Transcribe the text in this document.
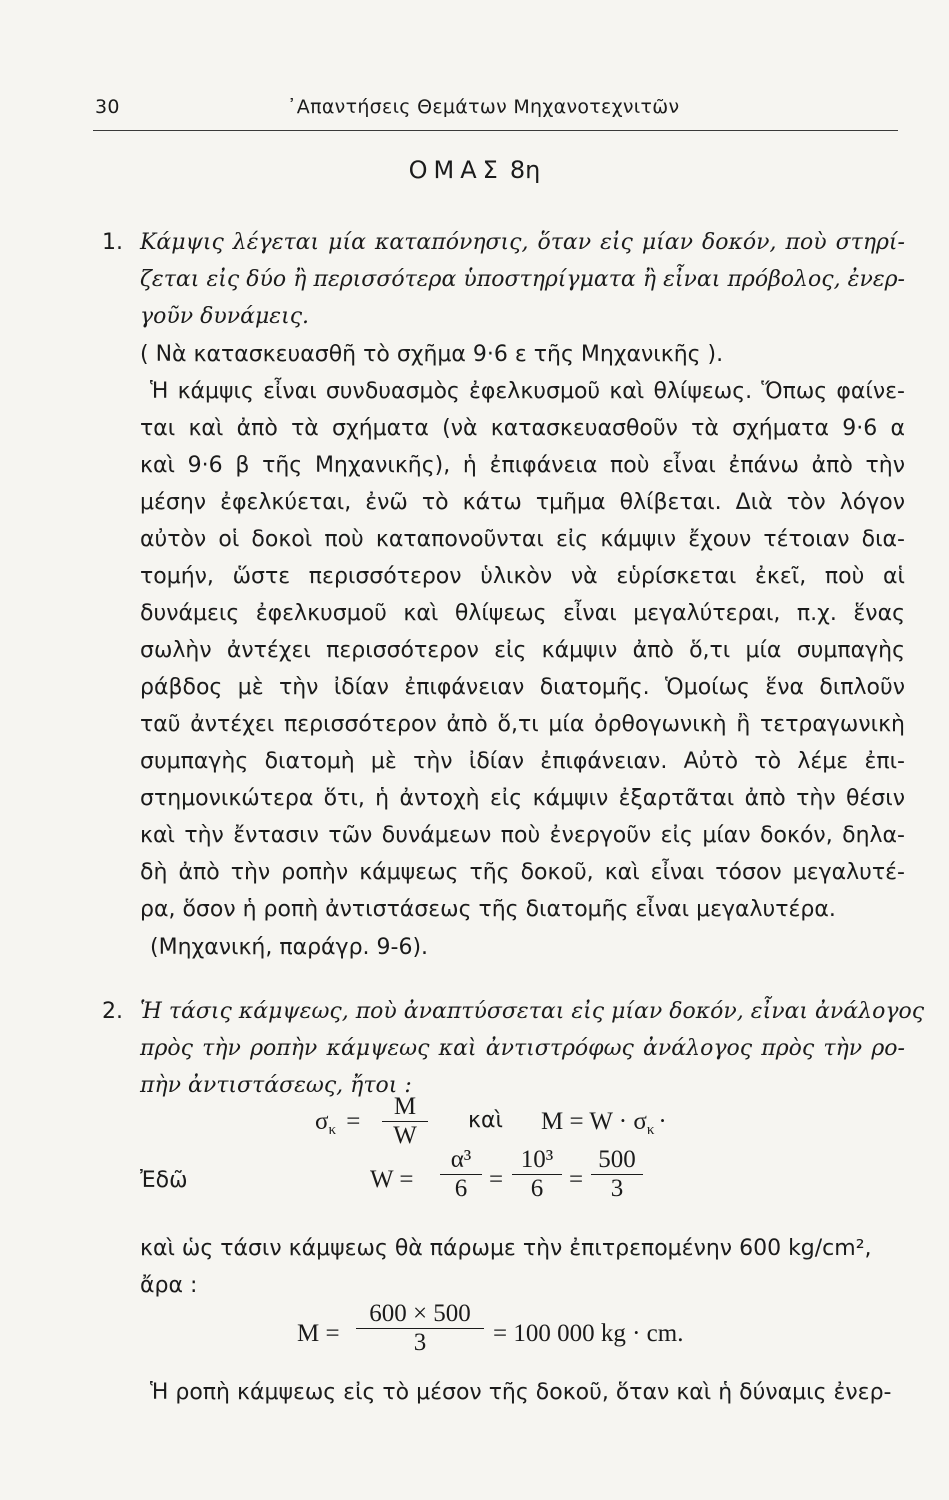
30	᾿Απαντήσεις Θεμάτων Μηχανοτεχνιτῶν
ΟΜΑΣ 8η
1. Κάμψις λέγεται μία καταπόνησις, ὅταν εἰς μίαν δοκόν, ποὺ στηρί-
ζεται εἰς δύο ἢ περισσότερα ὑποστηρίγματα ἢ εἶναι πρόβολος, ἐνερ-
γοῦν δυνάμεις.
( Νὰ κατασκευασθῆ τὸ σχῆμα 9·6 ε τῆς Μηχανικῆς ).
Ἡ κάμψις εἶναι συνδυασμὸς ἐφελκυσμοῦ καὶ θλίψεως. Ὅπως φαίνε-
ται καὶ ἀπὸ τὰ σχήματα (νὰ κατασκευασθοῦν τὰ σχήματα 9·6 α
καὶ 9·6 β τῆς Μηχανικῆς), ἡ ἐπιφάνεια ποὺ εἶναι ἐπάνω ἀπὸ τὴν
μέσην ἐφελκύεται, ἐνῶ τὸ κάτω τμῆμα θλίβεται. Διὰ τὸν λόγον
αὐτὸν οἱ δοκοὶ ποὺ καταπονοῦνται εἰς κάμψιν ἔχουν τέτοιαν δια-
τομήν, ὥστε περισσότερον ὑλικὸν νὰ εὑρίσκεται ἐκεῖ, ποὺ αἱ
δυνάμεις ἐφελκυσμοῦ καὶ θλίψεως εἶναι μεγαλύτεραι, π.χ. ἕνας
σωλὴν ἀντέχει περισσότερον εἰς κάμψιν ἀπὸ ὅ,τι μία συμπαγὴς
ράβδος μὲ τὴν ἰδίαν ἐπιφάνειαν διατομῆς. Ὁμοίως ἕνα διπλοῦν
ταῦ ἀντέχει περισσότερον ἀπὸ ὅ,τι μία ὀρθογωνικὴ ἢ τετραγωνικὴ
συμπαγὴς διατομὴ μὲ τὴν ἰδίαν ἐπιφάνειαν. Αὐτὸ τὸ λέμε ἐπι-
στημονικώτερα ὅτι, ἡ ἀντοχὴ εἰς κάμψιν ἐξαρτᾶται ἀπὸ τὴν θέσιν
καὶ τὴν ἔντασιν τῶν δυνάμεων ποὺ ἐνεργοῦν εἰς μίαν δοκόν, δηλα-
δὴ ἀπὸ τὴν ροπὴν κάμψεως τῆς δοκοῦ, καὶ εἶναι τόσον μεγαλυτέ-
ρα, ὅσον ἡ ροπὴ ἀντιστάσεως τῆς διατομῆς εἶναι μεγαλυτέρα.
(Μηχανική, παράγρ. 9-6).
2. Ἡ τάσις κάμψεως, ποὺ ἀναπτύσσεται εἰς μίαν δοκόν, εἶναι ἀνάλογος
πρὸς τὴν ροπὴν κάμψεως καὶ ἀντιστρόφως ἀνάλογος πρὸς τὴν ρο-
πὴν ἀντιστάσεως, ἤτοι :
$\sigma_\kappa$ =
M
W
καὶ $M = W \cdot \sigma_\kappa$ ·
Ἐδῶ	W =
α³
6 =
10³
6	=
500
3
καὶ ὡς τάσιν κάμψεως θὰ πάρωμε τὴν ἐπιτρεπομένην 600 kg/cm²,
ἄρα :
M =
600 × 500
3	= 100 000 kg · cm.
Ἡ ροπὴ κάμψεως εἰς τὸ μέσον τῆς δοκοῦ, ὅταν καὶ ἡ δύναμις ἐνερ-
